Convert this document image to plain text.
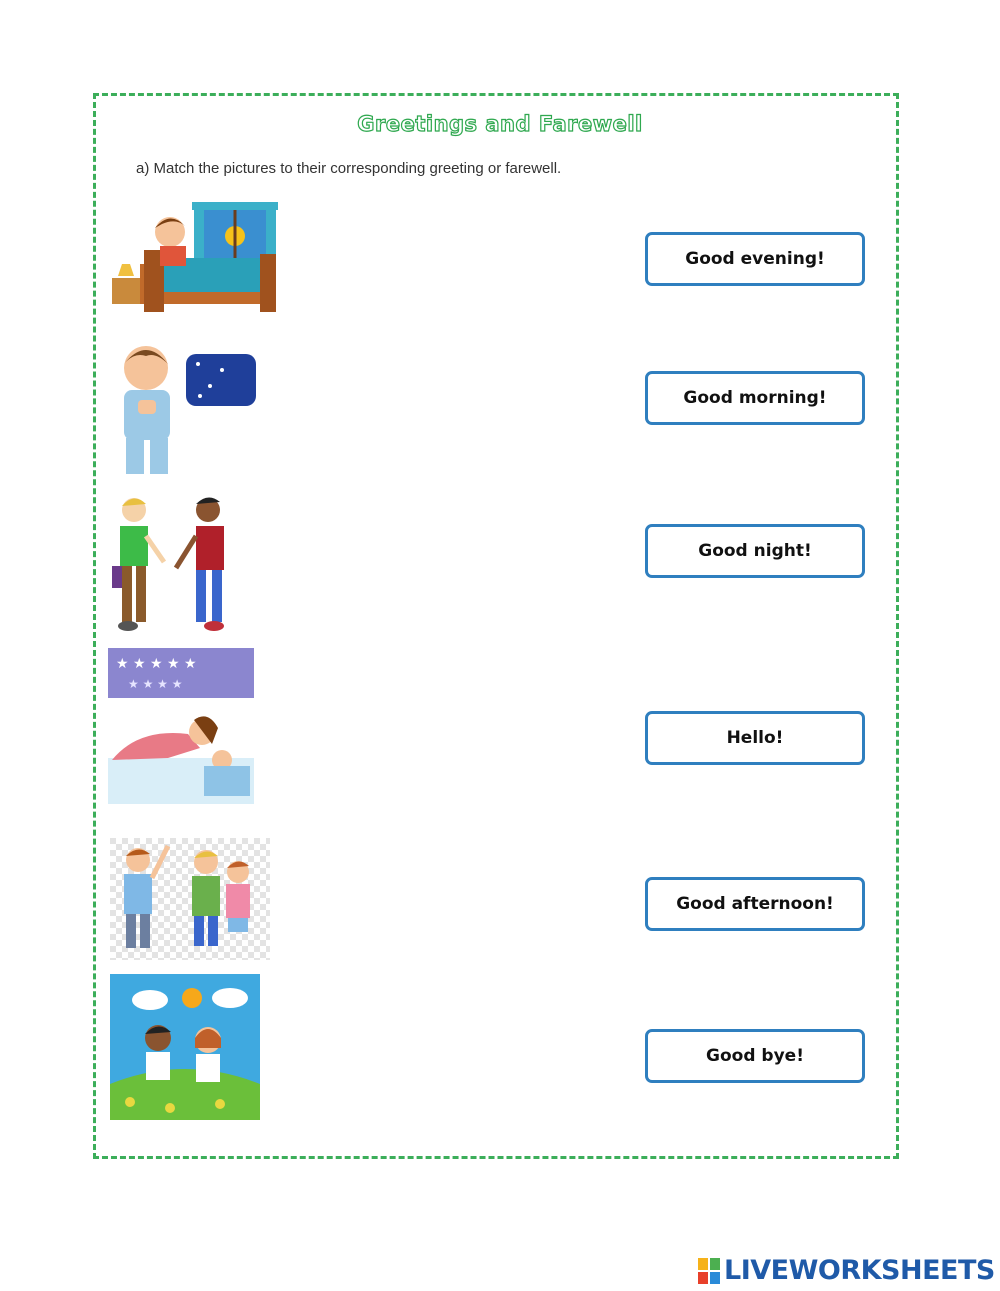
Greetings and Farewell
a) Match the pictures to their corresponding greeting or farewell.
★ ★ ★ ★ ★
★ ★ ★ ★
Good evening!
Good morning!
Good night!
Hello!
Good afternoon!
Good bye!
LIVEWORKSHEETS
